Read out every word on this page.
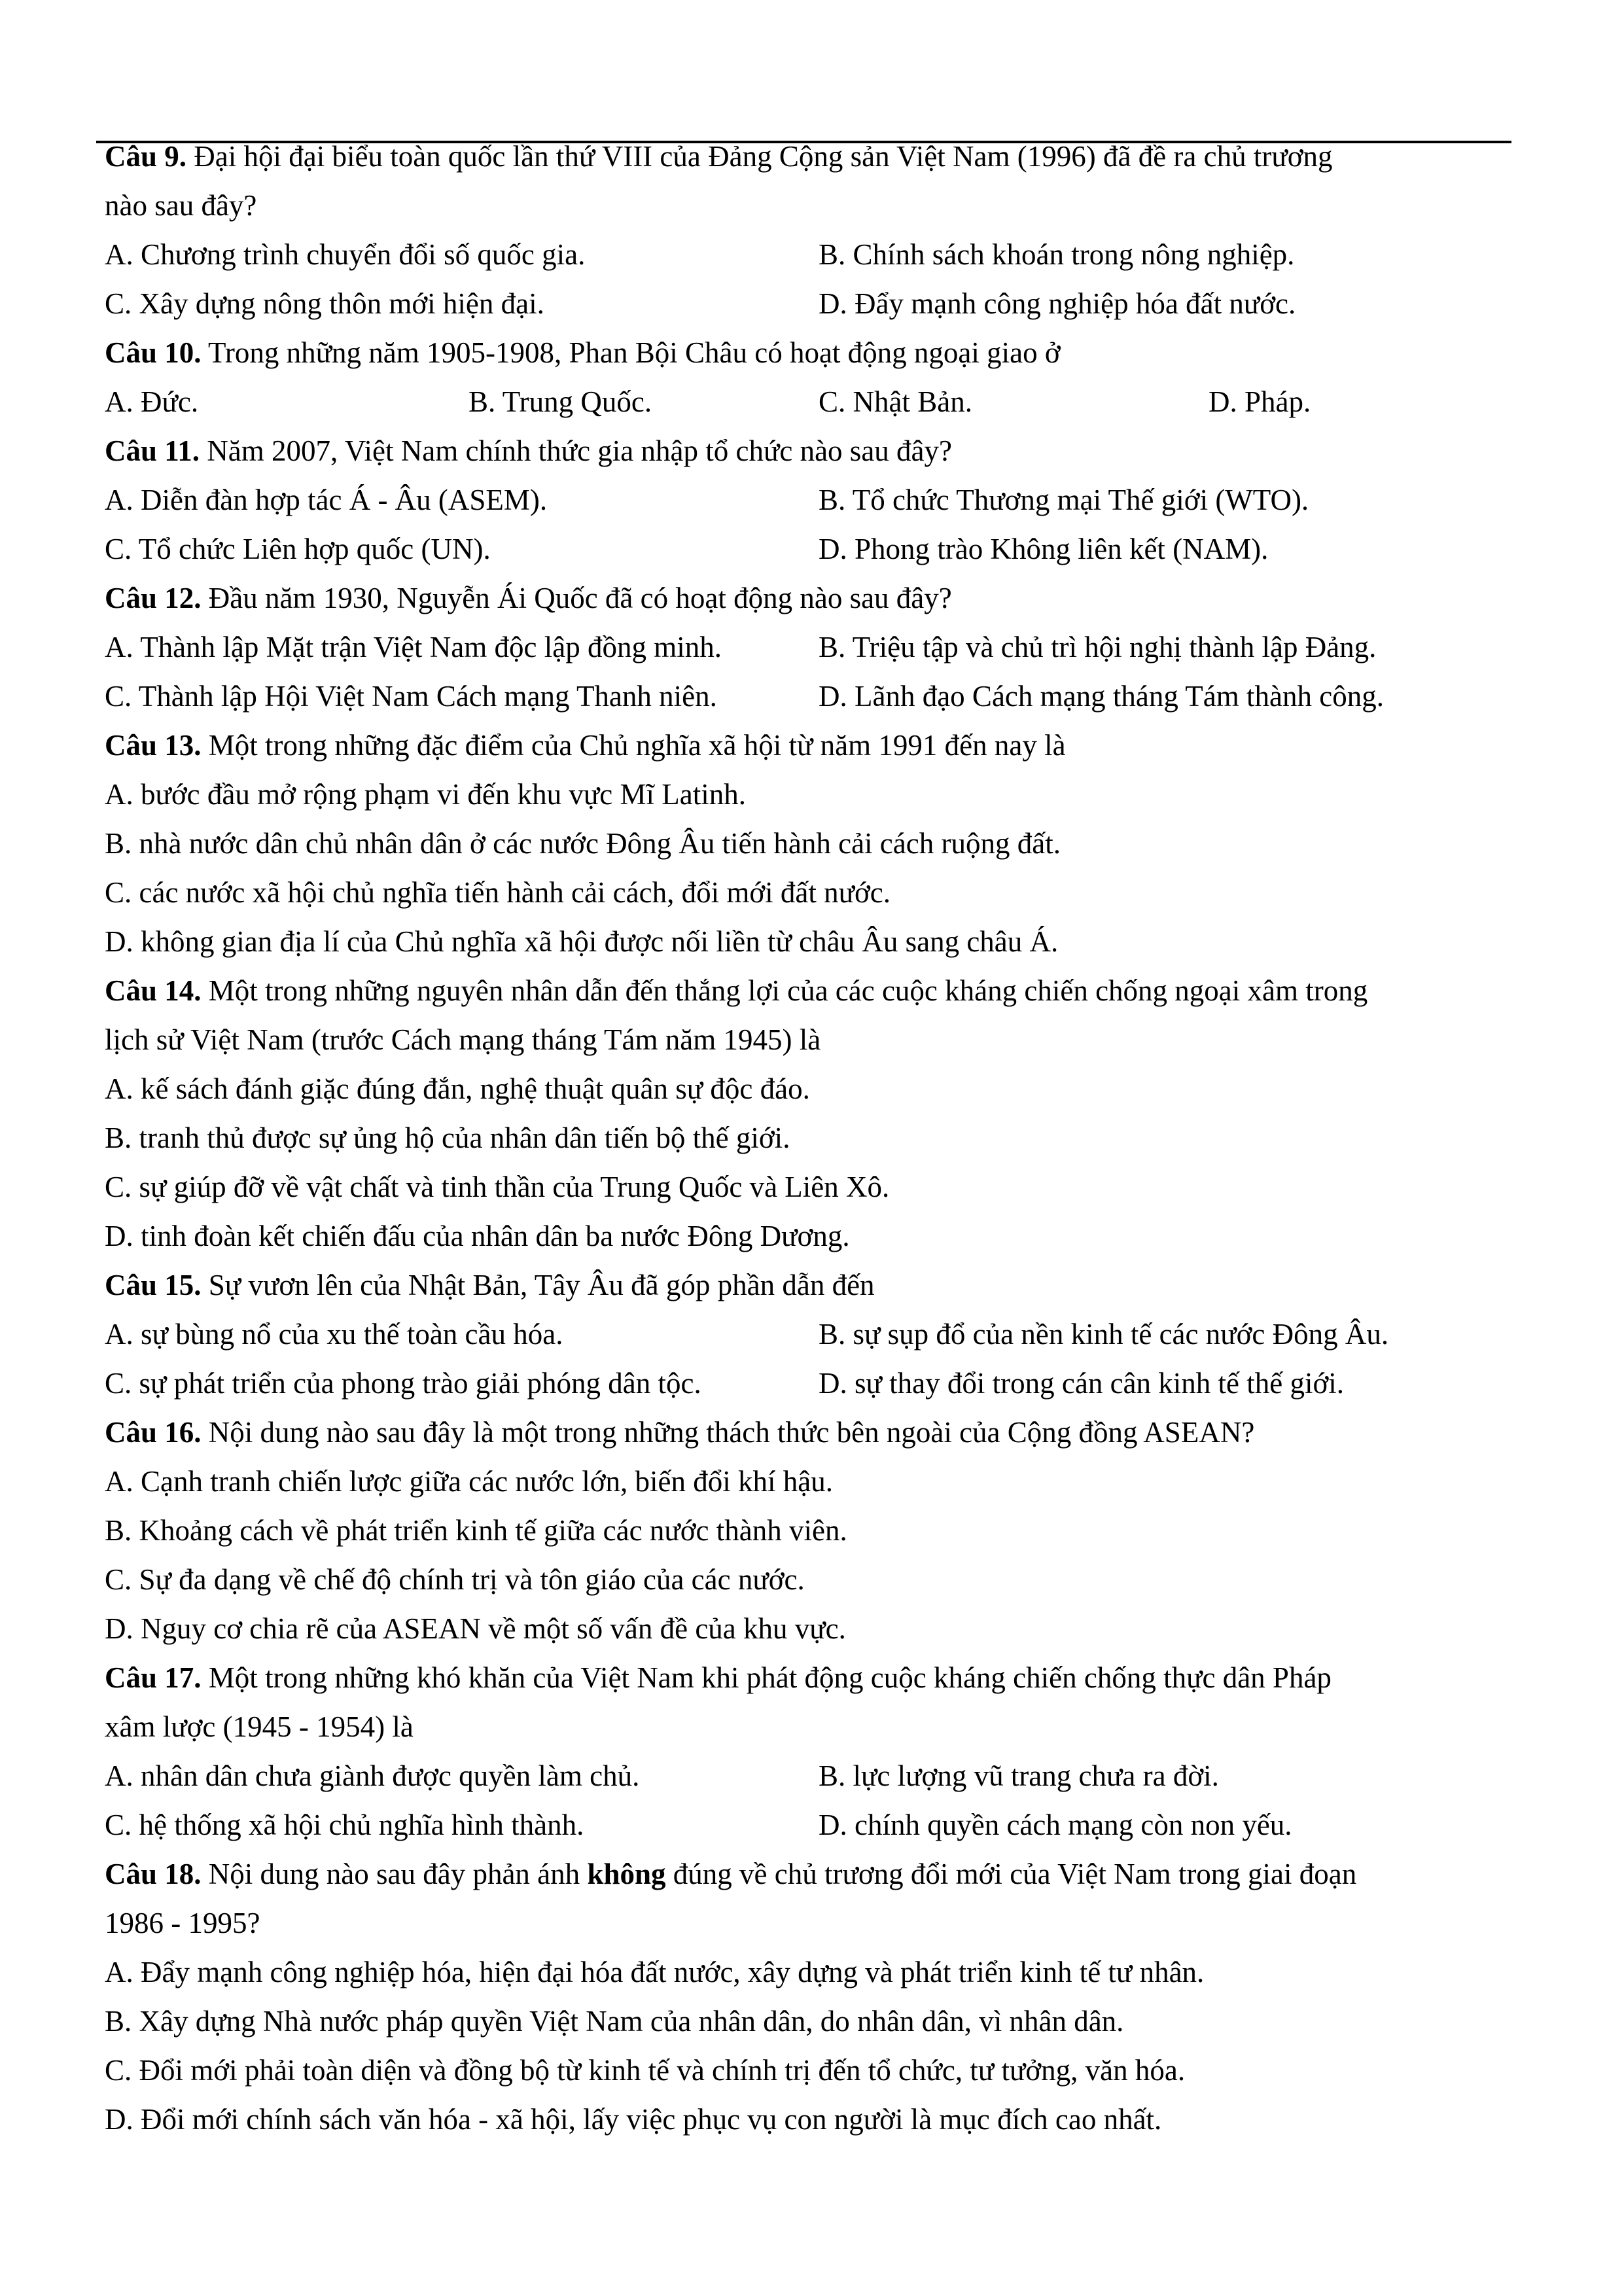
Câu 9. Đại hội đại biểu toàn quốc lần thứ VIII của Đảng Cộng sản Việt Nam (1996) đã đề ra chủ trương
nào sau đây?
A. Chương trình chuyển đổi số quốc gia.	B. Chính sách khoán trong nông nghiệp.
C. Xây dựng nông thôn mới hiện đại.	D. Đẩy mạnh công nghiệp hóa đất nước.
Câu 10. Trong những năm 1905-1908, Phan Bội Châu có hoạt động ngoại giao ở
A. Đức.	B. Trung Quốc.	C. Nhật Bản.	D. Pháp.
Câu 11. Năm 2007, Việt Nam chính thức gia nhập tổ chức nào sau đây?
A. Diễn đàn hợp tác Á - Âu (ASEM).	B. Tổ chức Thương mại Thế giới (WTO).
C. Tổ chức Liên hợp quốc (UN).	D. Phong trào Không liên kết (NAM).
Câu 12. Đầu năm 1930, Nguyễn Ái Quốc đã có hoạt động nào sau đây?
A. Thành lập Mặt trận Việt Nam độc lập đồng minh.	B. Triệu tập và chủ trì hội nghị thành lập Đảng.
C. Thành lập Hội Việt Nam Cách mạng Thanh niên.	D. Lãnh đạo Cách mạng tháng Tám thành công.
Câu 13. Một trong những đặc điểm của Chủ nghĩa xã hội từ năm 1991 đến nay là
A. bước đầu mở rộng phạm vi đến khu vực Mĩ Latinh.
B. nhà nước dân chủ nhân dân ở các nước Đông Âu tiến hành cải cách ruộng đất.
C. các nước xã hội chủ nghĩa tiến hành cải cách, đổi mới đất nước.
D. không gian địa lí của Chủ nghĩa xã hội được nối liền từ châu Âu sang châu Á.
Câu 14. Một trong những nguyên nhân dẫn đến thắng lợi của các cuộc kháng chiến chống ngoại xâm trong
lịch sử Việt Nam (trước Cách mạng tháng Tám năm 1945) là
A. kế sách đánh giặc đúng đắn, nghệ thuật quân sự độc đáo.
B. tranh thủ được sự ủng hộ của nhân dân tiến bộ thế giới.
C. sự giúp đỡ về vật chất và tinh thần của Trung Quốc và Liên Xô.
D. tinh đoàn kết chiến đấu của nhân dân ba nước Đông Dương.
Câu 15. Sự vươn lên của Nhật Bản, Tây Âu đã góp phần dẫn đến
A. sự bùng nổ của xu thế toàn cầu hóa.	B. sự sụp đổ của nền kinh tế các nước Đông Âu.
C. sự phát triển của phong trào giải phóng dân tộc.	D. sự thay đổi trong cán cân kinh tế thế giới.
Câu 16. Nội dung nào sau đây là một trong những thách thức bên ngoài của Cộng đồng ASEAN?
A. Cạnh tranh chiến lược giữa các nước lớn, biến đổi khí hậu.
B. Khoảng cách về phát triển kinh tế giữa các nước thành viên.
C. Sự đa dạng về chế độ chính trị và tôn giáo của các nước.
D. Nguy cơ chia rẽ của ASEAN về một số vấn đề của khu vực.
Câu 17. Một trong những khó khăn của Việt Nam khi phát động cuộc kháng chiến chống thực dân Pháp
xâm lược (1945 - 1954) là
A. nhân dân chưa giành được quyền làm chủ.	B. lực lượng vũ trang chưa ra đời.
C. hệ thống xã hội chủ nghĩa hình thành.	D. chính quyền cách mạng còn non yếu.
Câu 18. Nội dung nào sau đây phản ánh không đúng về chủ trương đổi mới của Việt Nam trong giai đoạn
1986 - 1995?
A. Đẩy mạnh công nghiệp hóa, hiện đại hóa đất nước, xây dựng và phát triển kinh tế tư nhân.
B. Xây dựng Nhà nước pháp quyền Việt Nam của nhân dân, do nhân dân, vì nhân dân.
C. Đổi mới phải toàn diện và đồng bộ từ kinh tế và chính trị đến tổ chức, tư tưởng, văn hóa.
D. Đổi mới chính sách văn hóa - xã hội, lấy việc phục vụ con người là mục đích cao nhất.
